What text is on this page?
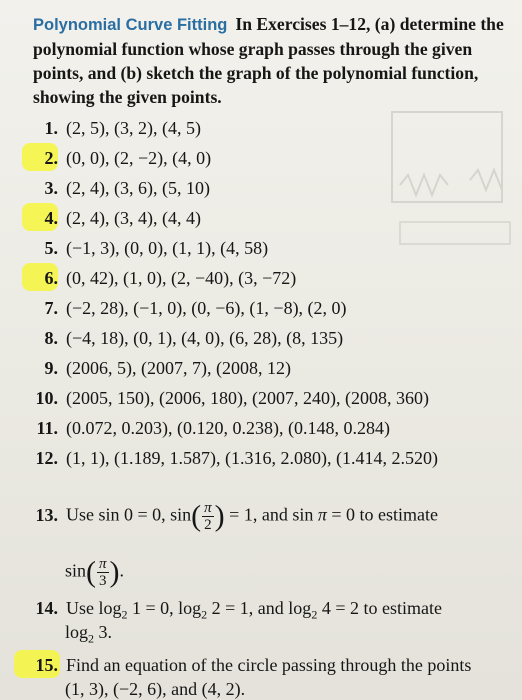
Polynomial Curve Fitting In Exercises 1–12, (a) determine the polynomial function whose graph passes through the given points, and (b) sketch the graph of the polynomial function, showing the given points.
1. (2, 5), (3, 2), (4, 5)
2. (0, 0), (2, −2), (4, 0)
3. (2, 4), (3, 6), (5, 10)
4. (2, 4), (3, 4), (4, 4)
5. (−1, 3), (0, 0), (1, 1), (4, 58)
6. (0, 42), (1, 0), (2, −40), (3, −72)
7. (−2, 28), (−1, 0), (0, −6), (1, −8), (2, 0)
8. (−4, 18), (0, 1), (4, 0), (6, 28), (8, 135)
9. (2006, 5), (2007, 7), (2008, 12)
10. (2005, 150), (2006, 180), (2007, 240), (2008, 360)
11. (0.072, 0.203), (0.120, 0.238), (0.148, 0.284)
12. (1, 1), (1.189, 1.587), (1.316, 2.080), (1.414, 2.520)
13. Use sin 0 = 0, $\sin( \frac{\pi}{2}$ ) = 1, and sin π = 0 to estimate
$\sin( \frac{\pi}{3}$ ).
14. Use $\log_2 1 = 0$, $\log_2 2 = 1$, and $\log_2 4 = 2$ to estimate
$\log_2 3$.
15. Find an equation of the circle passing through the points
(1, 3), (−2, 6), and (4, 2).
